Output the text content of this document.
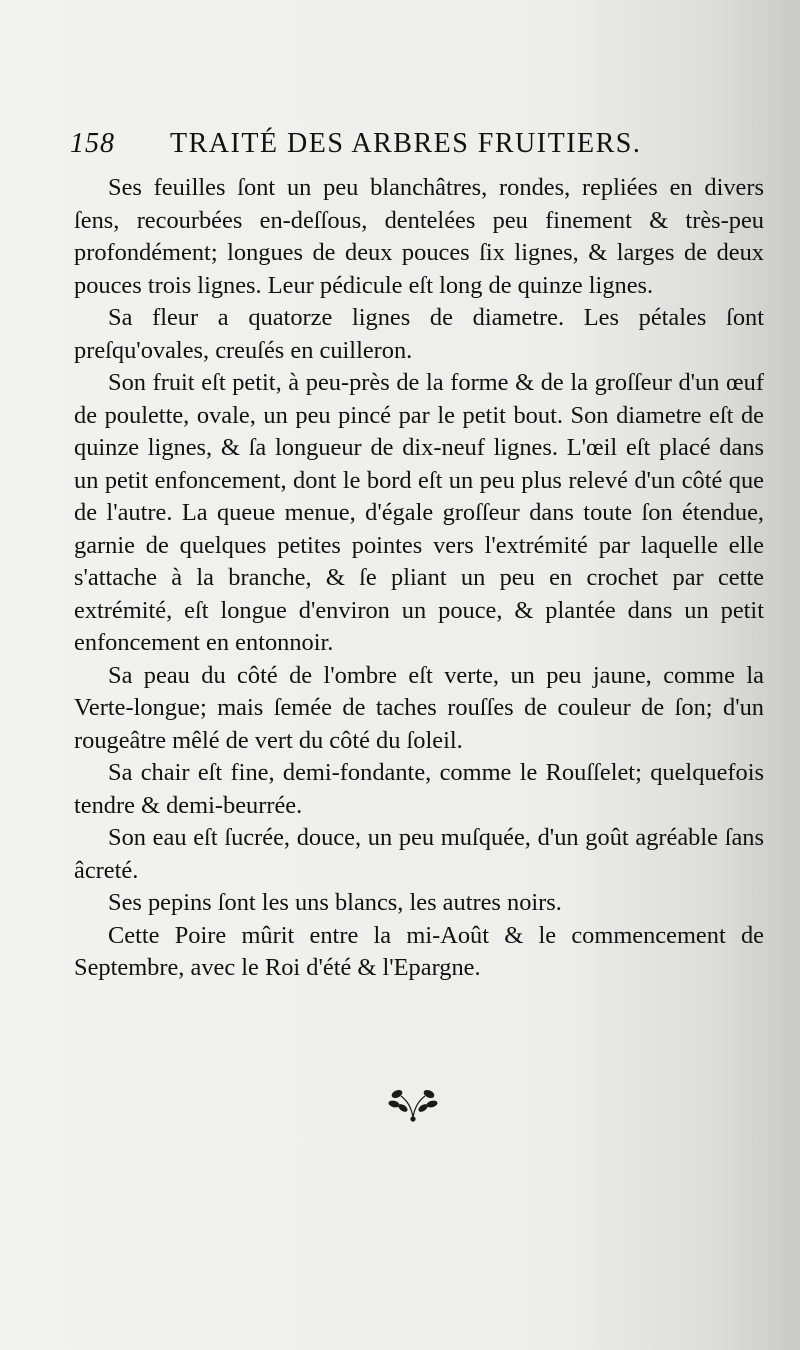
158 TRAITÉ DES ARBRES FRUITIERS.

Ses feuilles ſont un peu blanchâtres, rondes, repliées en divers ſens, recourbées en-deſſous, dentelées peu finement & très-peu profondément; longues de deux pouces ſix lignes, & larges de deux pouces trois lignes. Leur pédicule eſt long de quinze lignes.

Sa fleur a quatorze lignes de diametre. Les pétales ſont preſqu'ovales, creuſés en cuilleron.

Son fruit eſt petit, à peu-près de la forme & de la groſſeur d'un œuf de poulette, ovale, un peu pincé par le petit bout. Son diametre eſt de quinze lignes, & ſa longueur de dix-neuf lignes. L'œil eſt placé dans un petit enfoncement, dont le bord eſt un peu plus relevé d'un côté que de l'autre. La queue menue, d'égale groſſeur dans toute ſon étendue, garnie de quelques petites pointes vers l'extrémité par laquelle elle s'attache à la branche, & ſe pliant un peu en crochet par cette extrémité, eſt longue d'environ un pouce, & plantée dans un petit enfoncement en entonnoir.

Sa peau du côté de l'ombre eſt verte, un peu jaune, comme la Verte-longue; mais ſemée de taches rouſſes de couleur de ſon; d'un rougeâtre mêlé de vert du côté du ſoleil.

Sa chair eſt fine, demi-fondante, comme le Rouſſelet; quelquefois tendre & demi-beurrée.

Son eau eſt ſucrée, douce, un peu muſquée, d'un goût agréable ſans âcreté.

Ses pepins ſont les uns blancs, les autres noirs.

Cette Poire mûrit entre la mi-Août & le commencement de Septembre, avec le Roi d'été & l'Epargne.
